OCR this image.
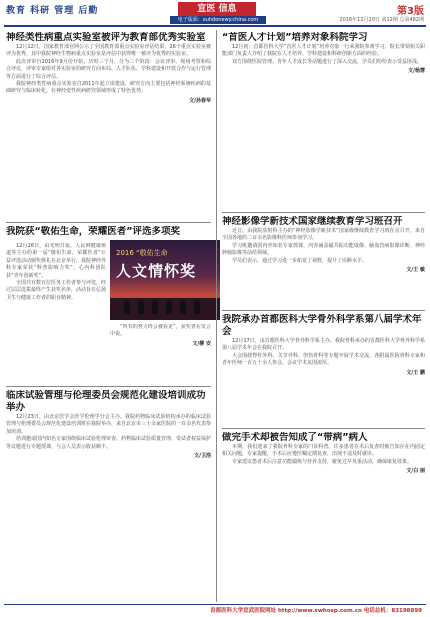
教育 科研 管理 后勤	宣医 信息
电子版面：xuhdonewy.china.com
第3版
2016年12月20日 第12期 总第482期
神经类性病重点实验室被评为教育部优秀实验室

12月12日，国家教育部官网公示了全国教育部重点实验室评估结果，26个重点实验室被评为优秀，其中我院神经生物病重点实验室是评估中获得唯一被评为优秀的实验室。

此次评审自2016年9月份开始，历时三个月，分为三个阶段：会议评审、现场考察和综合评议，评审专家组对各实验室的研究方向布局、人才队伍、学科建设和开放合作与运行管理等方面进行了综合评估。

我院神经类性病重点实验室自2011年起立项建设，研究方向主要包括神经系统疾病的基础研究与临床转化，在神经变性疾病研究领域形成了特色优势。

文/孙春华
我院获“敬佑生命，荣耀医者”评选多项奖

12月26日，由光明日报、人民网健康频道等主办的第一届“敬佑生命，荣耀医者”公益评选活动颁奖典礼在北京举行，我院神经外科专家荣获“科普影响力奖”，心内科团队获“青年创新奖”。

全国共有数百位医务工作者参与评选，经过层层选拔最终产生获奖名单，活动旨在弘扬卫生与健康工作者的职业精神。

2016 “敬佑生命
人文情怀奖

“所有的努力终会被看见”，获奖者在发言中说。

文/柳 安
临床试验管理与伦理委员会规范化建设培训成功举办

12月23日，由北京医学会医学伦理学分会主办、我院药物临床试验机构承办的临床试验管理与伦理委员会规范化建设培训班在我院举办，来自北京市三十余家医院的一百余名代表参加培训。

培训邀请国内知名专家围绕临床试验伦理审查、药物临床试验质量管理、受试者权益保护等议题进行专题授课，与会人员表示收获颇丰。

文/卫浩
“首医人才计划”培养对象科院学习

12月初，首都医科大学“首医人才计划”培养对象一行来我院参观学习，院长带领相关职能部门负责人介绍了我院在人才培养、学科建设和科研创新方面的经验。

双方围绕医院管理、青年人才成长等话题进行了深入交流，学员们纷纷表示受益匪浅。

文/杨慧
神经影像学新技术国家继续教育学习班召开

近日，由我院放射科主办的“神经影像学新技术”国家级继续教育学习班在京召开，来自全国各地的二百余名影像科医师参加学习。

学习班邀请国内外知名专家授课，内容涵盖磁共振功能成像、脑血管病影像诊断、神经肿瘤影像等前沿领域。

学员们表示，通过学习进一步拓宽了视野，提升了诊断水平。

文/王 敏
我院承办首都医科大学骨外科学系第八届学术年会

12月17日，由首都医科大学骨外科学系主办、我院骨科承办的首都医科大学骨外科学系第八届学术年会在我院召开。

大会围绕脊柱外科、关节外科、创伤骨科等专题开展学术交流，各附属医院骨科专家和青年医师一百五十余人参会，会议学术氛围浓厚。

文/王 鹏
做完手术却被告知成了“带病”病人

本期，我们迎来了我院骨科专家的门诊科普。许多患者在术后复查时被告知存在内固定相关问题，专家提醒，手术后应遵医嘱定期复查，出现不适及时就诊。

专家建议患者术后注意功能锻炼与营养支持，避免过早负重活动，确保康复效果。

文/白 丽
首都医科大学宣武医院网址 http://www.xwhosp.com.cn 电话总机：83198899
